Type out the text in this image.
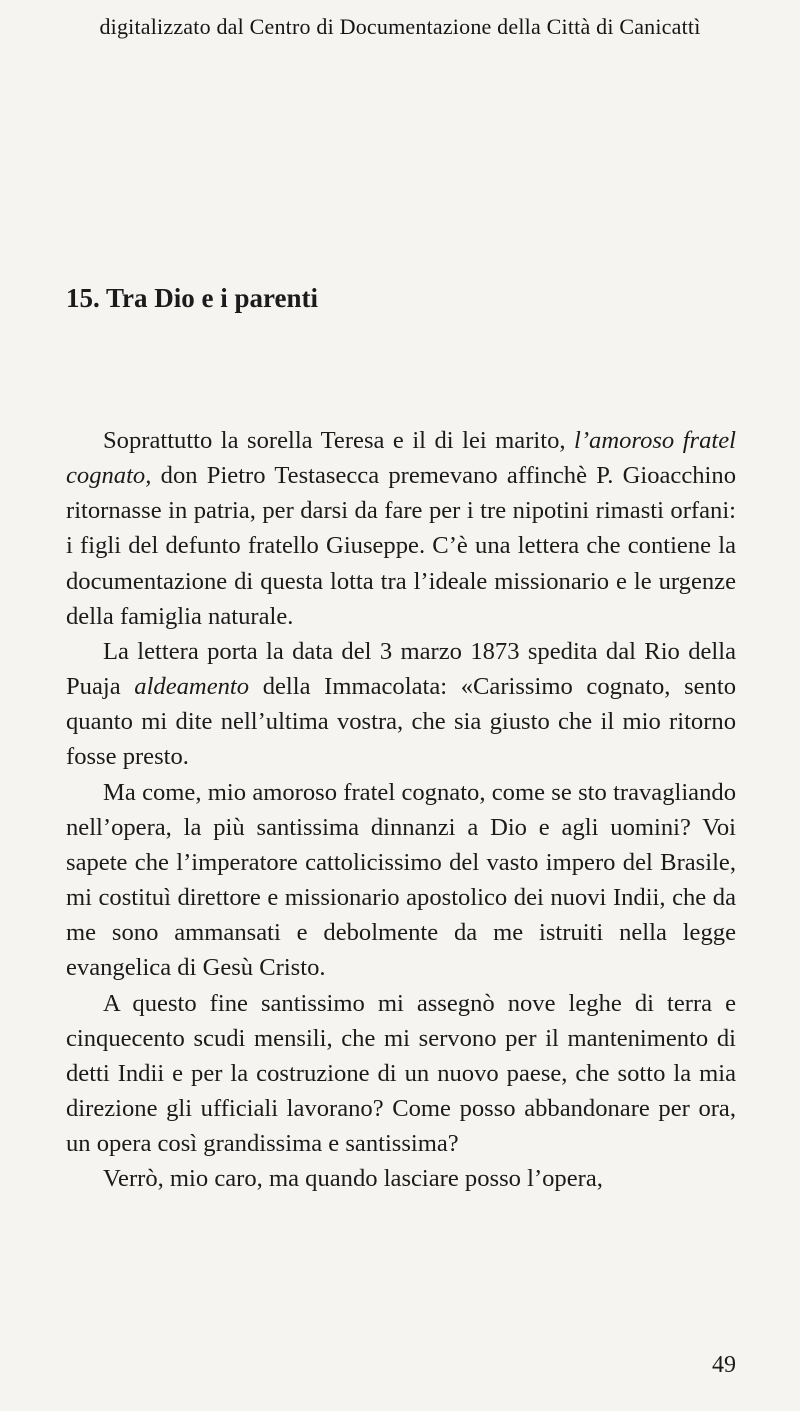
digitalizzato dal Centro di Documentazione della Città di Canicattì
15. Tra Dio e i parenti

Soprattutto la sorella Teresa e il di lei marito, l’amoroso fratel cognato, don Pietro Testasecca premevano affinchè P. Gioacchino ritornasse in patria, per darsi da fare per i tre nipotini rimasti orfani: i figli del defunto fratello Giuseppe. C’è una lettera che contiene la documentazione di questa lotta tra l’ideale missionario e le urgenze della famiglia naturale.

La lettera porta la data del 3 marzo 1873 spedita dal Rio della Puaja aldeamento della Immacolata: «Carissimo cognato, sento quanto mi dite nell’ultima vostra, che sia giusto che il mio ritorno fosse presto.

Ma come, mio amoroso fratel cognato, come se sto travagliando nell’opera, la più santissima dinnanzi a Dio e agli uomini? Voi sapete che l’imperatore cattolicissimo del vasto impero del Brasile, mi costituì direttore e missionario apostolico dei nuovi Indii, che da me sono ammansati e debolmente da me istruiti nella legge evangelica di Gesù Cristo.

A questo fine santissimo mi assegnò nove leghe di terra e cinquecento scudi mensili, che mi servono per il mantenimento di detti Indii e per la costruzione di un nuovo paese, che sotto la mia direzione gli ufficiali lavorano? Come posso abbandonare per ora, un opera così grandissima e santissima?

Verrò, mio caro, ma quando lasciare posso l’opera,

49
